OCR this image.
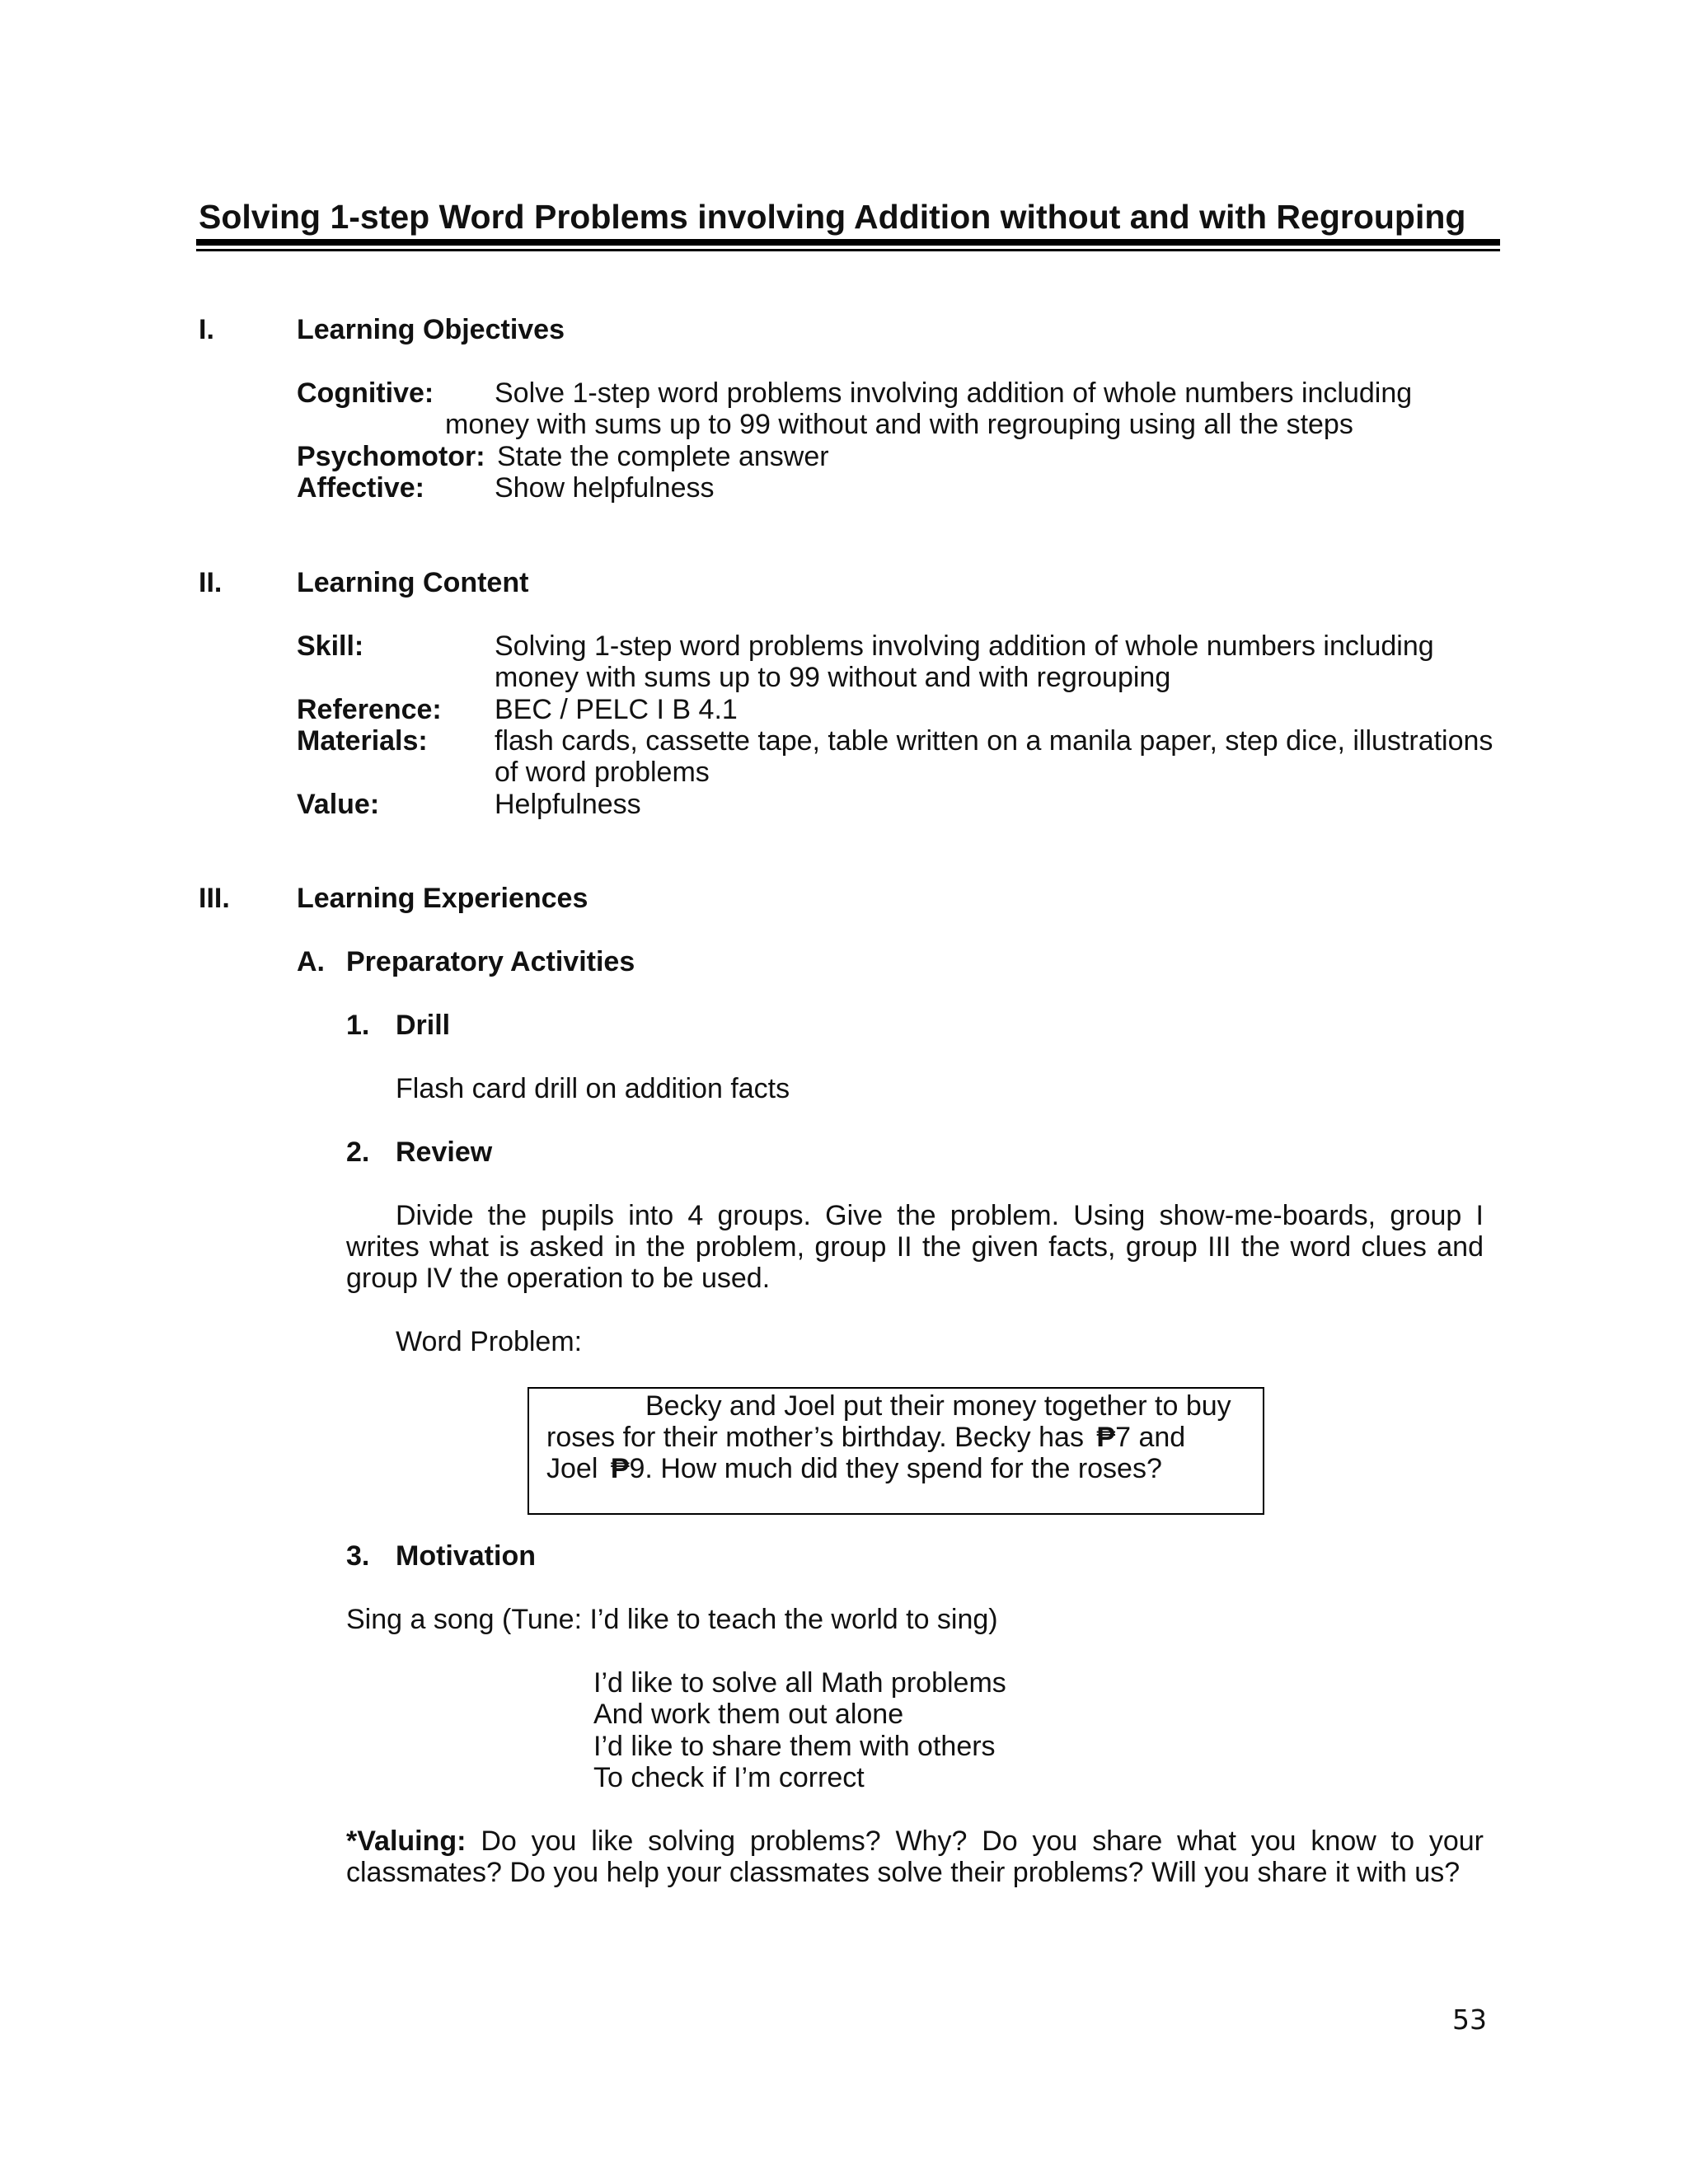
Solving 1-step Word Problems involving Addition without and with Regrouping
I.	Learning Objectives
Cognitive: Solve 1-step word problems involving addition of whole numbers including
money with sums up to 99 without and with regrouping using all the steps
Psychomotor: State the complete answer
Affective:	Show helpfulness
II.	Learning Content
Skill:	Solving 1-step word problems involving addition of whole numbers including
money with sums up to 99 without and with regrouping
Reference: BEC / PELC I B 4.1
Materials: flash cards, cassette tape, table written on a manila paper, step dice, illustrations
of word problems
Value:	Helpfulness
III. Learning Experiences
A. Preparatory Activities
1. Drill
Flash card drill on addition facts
2. Review
Divide the pupils into 4 groups. Give the problem. Using show-me-boards, group I writes what is asked in the problem, group II the given facts, group III the word clues and group IV the operation to be used.
Word Problem:
Becky and Joel put their money together to buy
roses for their mother’s birthday. Becky has ₱7 and
Joel ₱9. How much did they spend for the roses?
3. Motivation
Sing a song (Tune: I’d like to teach the world to sing)
I’d like to solve all Math problems
And work them out alone
I’d like to share them with others
To check if I’m correct
*Valuing: Do you like solving problems? Why? Do you share what you know to your classmates? Do you help your classmates solve their problems? Will you share it with us?
53
